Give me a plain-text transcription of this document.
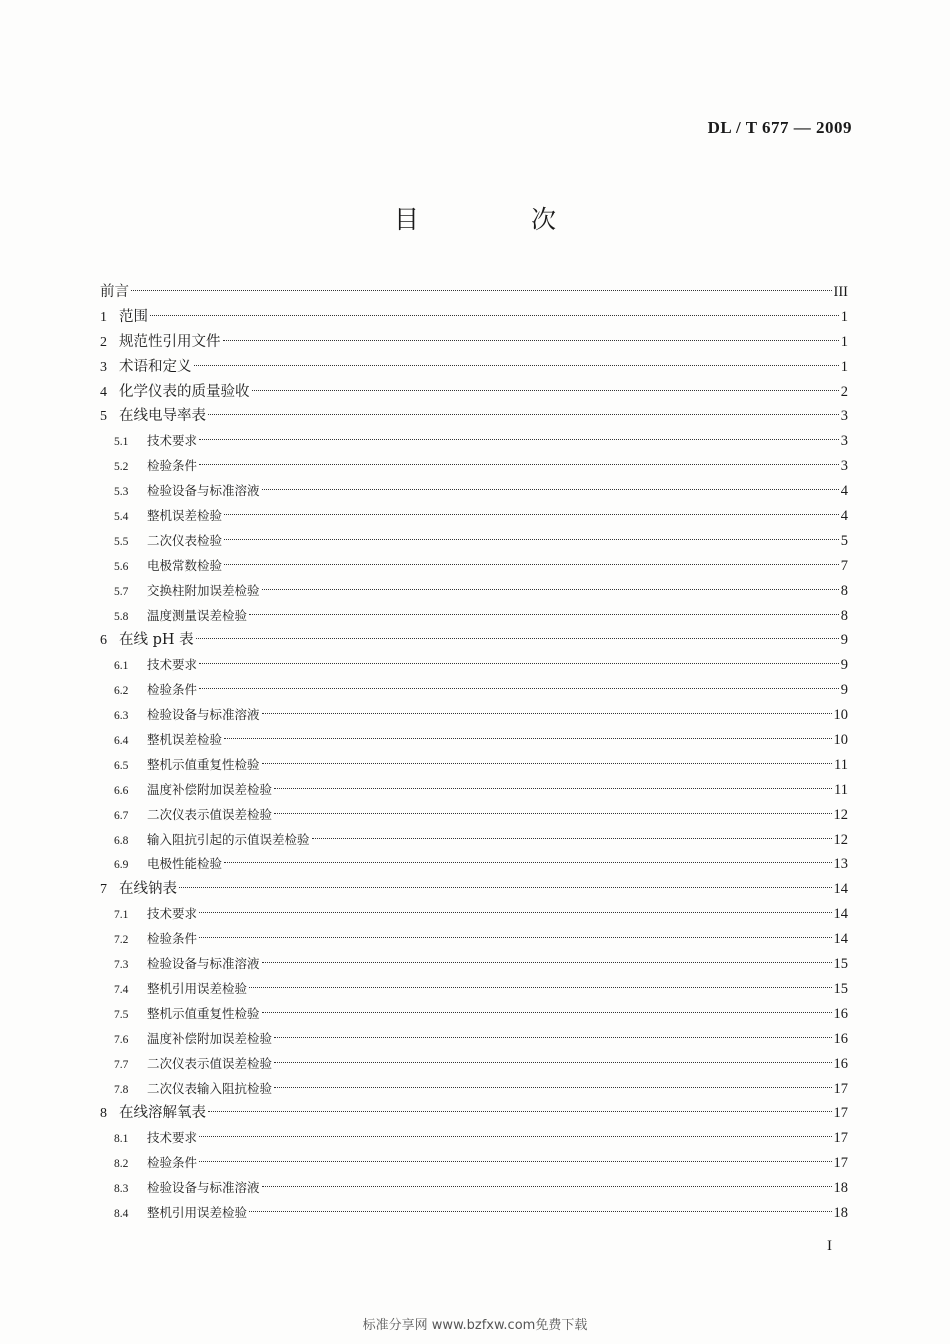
DL / T 677 — 2009
目 次
前言	III
1 范围	1
2 规范性引用文件	1
3 术语和定义	1
4 化学仪表的质量验收	2
5 在线电导率表	3
5.1	技术要求	3
5.2	检验条件	3
5.3	检验设备与标准溶液	4
5.4	整机误差检验	4
5.5	二次仪表检验	5
5.6	电极常数检验	7
5.7	交换柱附加误差检验	8
5.8	温度测量误差检验	8
6 在线 pH 表	9
6.1	技术要求	9
6.2	检验条件	9
6.3	检验设备与标准溶液	10
6.4	整机误差检验	10
6.5	整机示值重复性检验	11
6.6	温度补偿附加误差检验	11
6.7	二次仪表示值误差检验	12
6.8	输入阻抗引起的示值误差检验	12
6.9	电极性能检验	13
7 在线钠表	14
7.1	技术要求	14
7.2	检验条件	14
7.3	检验设备与标准溶液	15
7.4	整机引用误差检验	15
7.5	整机示值重复性检验	16
7.6	温度补偿附加误差检验	16
7.7	二次仪表示值误差检验	16
7.8	二次仪表输入阻抗检验	17
8 在线溶解氧表	17
8.1	技术要求	17
8.2	检验条件	17
8.3	检验设备与标准溶液	18
8.4	整机引用误差检验	18
I
标准分享网 www.bzfxw.com免费下载
